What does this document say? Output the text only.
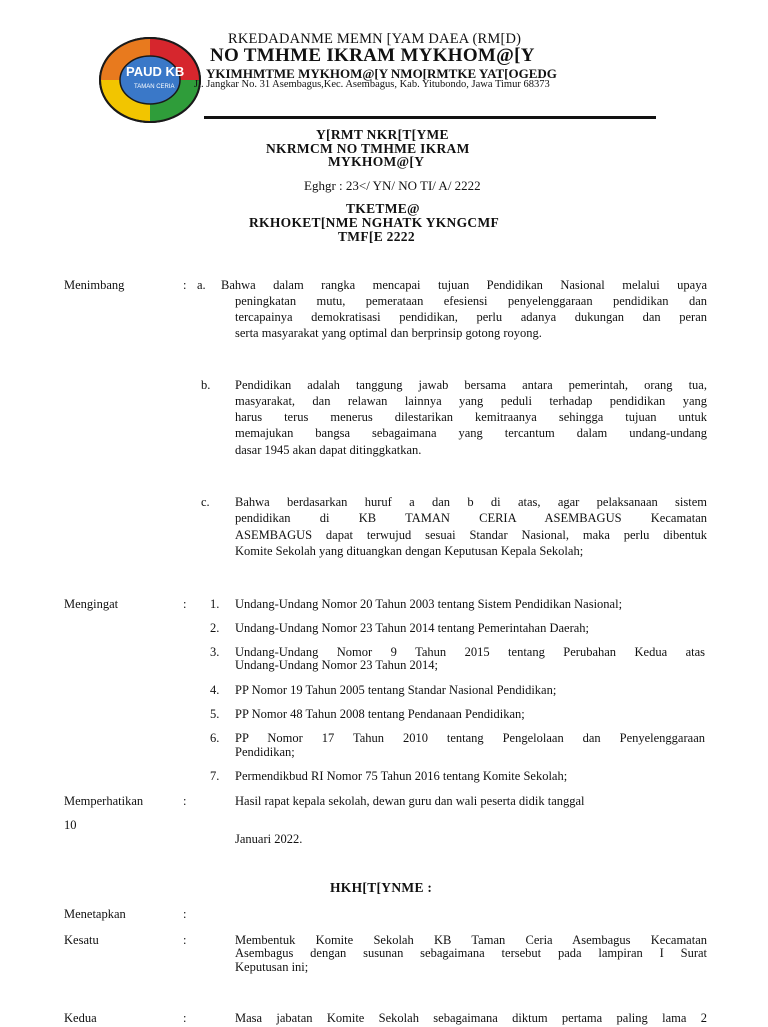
PAUD KB
TAMAN CERIA
RKEDADANME MEMN [YAM DAEA (RM[D)
NO TMHME IKRAM MYKHOM@[Y
YKIMHMTME MYKHOM@[Y NMO[RMTKE YAT[OGEDG
Jl. Jangkar No. 31 Asembagus,Kec. Asembagus, Kab. Yitubondo, Jawa Timur 68373
Y[RMT NKR[T[YME
NKRMCM NO TMHME IKRAM
MYKHOM@[Y
Eghgr : 23</ YN/ NO TI/ A/ 2222
TKETME@
RKHOKET[NME NGHATK YKNGCMF
TMF[E 2222
Menimbang	: a. Bahwa dalam rangka mencapai tujuan Pendidikan Nasional melalui upaya
peningkatan mutu, pemerataan efesiensi penyelenggaraan pendidikan dan
tercapainya demokratisasi pendidikan, perlu adanya dukungan dan peran
serta masyarakat yang optimal dan berprinsip gotong royong.
b. Pendidikan adalah tanggung jawab bersama antara pemerintah, orang tua,
masyarakat, dan relawan lainnya yang peduli terhadap pendidikan yang
harus terus menerus dilestarikan kemitraanya sehingga tujuan untuk
memajukan bangsa sebagaimana yang tercantum dalam undang-undang
dasar 1945 akan dapat ditinggkatkan.
c. Bahwa berdasarkan huruf a dan b di atas, agar pelaksanaan sistem
pendidikan di KB TAMAN CERIA ASEMBAGUS Kecamatan
ASEMBAGUS dapat terwujud sesuai Standar Nasional, maka perlu dibentuk
Komite Sekolah yang dituangkan dengan Keputusan Kepala Sekolah;
Mengingat	: 1. Undang-Undang Nomor 20 Tahun 2003 tentang Sistem Pendidikan Nasional;
2. Undang-Undang Nomor 23 Tahun 2014 tentang Pemerintahan Daerah;
3. Undang-Undang Nomor 9 Tahun 2015 tentang Perubahan Kedua atas
Undang-Undang Nomor 23 Tahun 2014;
4. PP Nomor 19 Tahun 2005 tentang Standar Nasional Pendidikan;
5. PP Nomor 48 Tahun 2008 tentang Pendanaan Pendidikan;
6. PP Nomor 17 Tahun 2010 tentang Pengelolaan dan Penyelenggaraan
Pendidikan;
7. Permendikbud RI Nomor 75 Tahun 2016 tentang Komite Sekolah;
Memperhatikan	:	Hasil rapat kepala sekolah, dewan guru dan wali peserta didik tanggal
10
Januari 2022.
HKH[T[YNME :
Menetapkan	:
Kesatu	:	Membentuk Komite Sekolah KB Taman Ceria Asembagus Kecamatan
Asembagus dengan susunan sebagaimana tersebut pada lampiran I Surat
Keputusan ini;
Kedua	:	Masa jabatan Komite Sekolah sebagaimana diktum pertama paling lama 2
